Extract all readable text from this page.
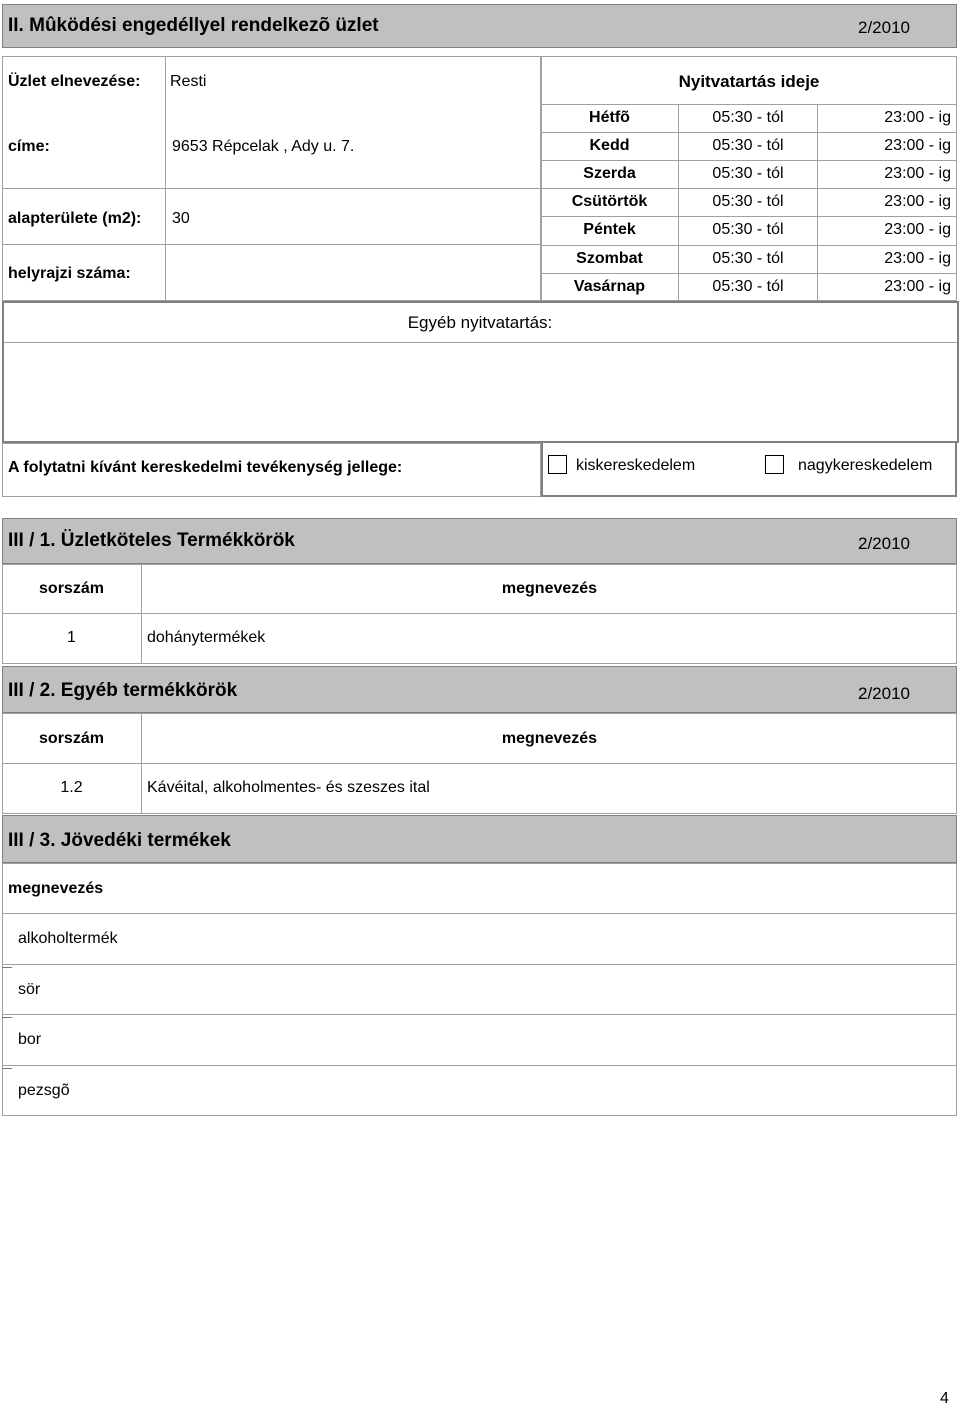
II. Mûködési engedéllyel rendelkezõ üzlet	2/2010
Üzlet elnevezése: Resti
címe:	9653 Répcelak , Ady u. 7.
alapterülete (m2): 30
helyrajzi száma:
Nyitvatartás ideje
Hétfõ	05:30 - tól	23:00 - ig
Kedd	05:30 - tól	23:00 - ig
Szerda	05:30 - tól	23:00 - ig
Csütörtök	05:30 - tól	23:00 - ig
Péntek	05:30 - tól	23:00 - ig
Szombat	05:30 - tól	23:00 - ig
Vasárnap	05:30 - tól	23:00 - ig
Egyéb nyitvatartás:
A folytatni kívánt kereskedelmi tevékenység jellege:	kiskereskedelem	nagykereskedelem
III / 1. Üzletköteles Termékkörök	2/2010
sorszám	megnevezés
1	dohánytermékek
III / 2. Egyéb termékkörök	2/2010
sorszám	megnevezés
1.2	Kávéital, alkoholmentes- és szeszes ital
III / 3. Jövedéki termékek
megnevezés
alkoholtermék
sör
bor
pezsgõ
4
